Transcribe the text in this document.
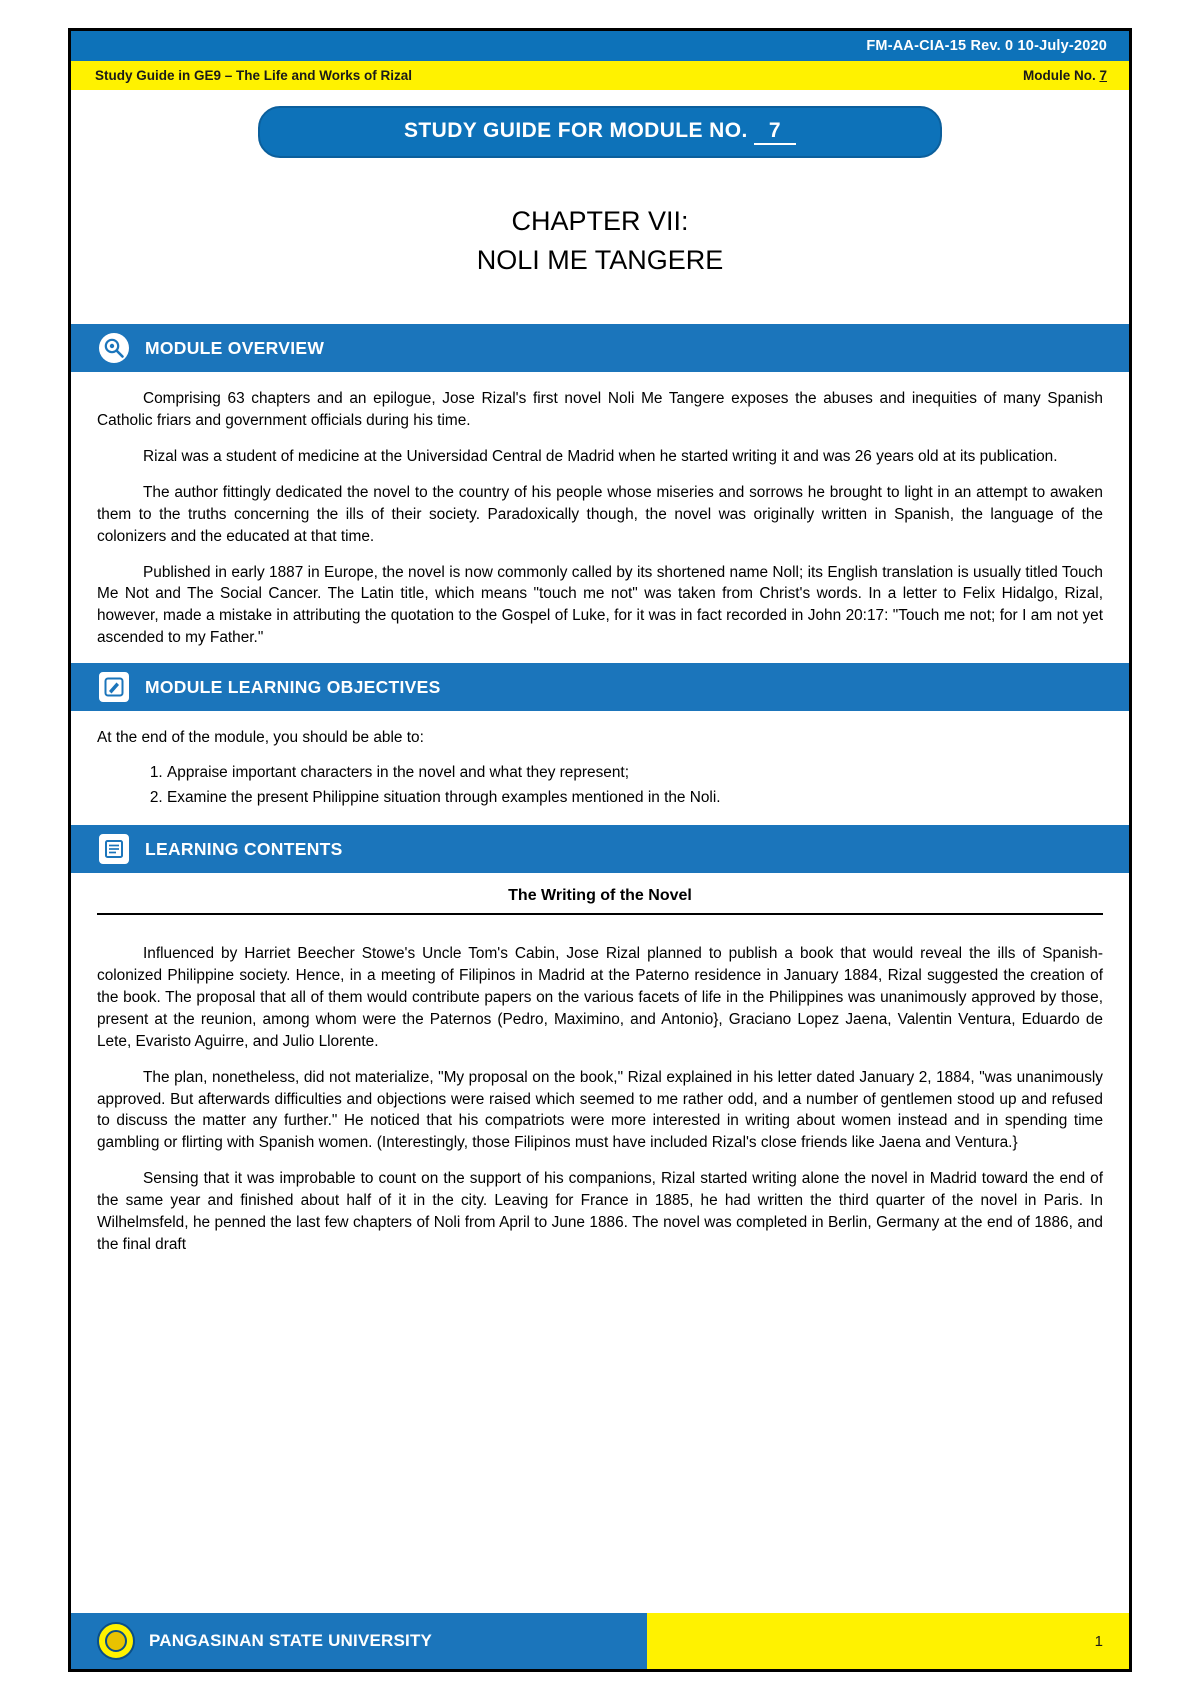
FM-AA-CIA-15 Rev. 0 10-July-2020
Study Guide in GE9 – The Life and Works of Rizal	Module No. 7
STUDY GUIDE FOR MODULE NO. 7
CHAPTER VII:
NOLI ME TANGERE
MODULE OVERVIEW

Comprising 63 chapters and an epilogue, Jose Rizal's first novel Noli Me Tangere exposes the abuses and inequities of many Spanish Catholic friars and government officials during his time.

Rizal was a student of medicine at the Universidad Central de Madrid when he started writing it and was 26 years old at its publication.

The author fittingly dedicated the novel to the country of his people whose miseries and sorrows he brought to light in an attempt to awaken them to the truths concerning the ills of their society. Paradoxically though, the novel was originally written in Spanish, the language of the colonizers and the educated at that time.

Published in early 1887 in Europe, the novel is now commonly called by its shortened name Noll; its English translation is usually titled Touch Me Not and The Social Cancer. The Latin title, which means "touch me not" was taken from Christ's words. In a letter to Felix Hidalgo, Rizal, however, made a mistake in attributing the quotation to the Gospel of Luke, for it was in fact recorded in John 20:17: "Touch me not; for I am not yet ascended to my Father."

MODULE LEARNING OBJECTIVES
At the end of the module, you should be able to:
1. Appraise important characters in the novel and what they represent;
2. Examine the present Philippine situation through examples mentioned in the Noli.
LEARNING CONTENTS
The Writing of the Novel

Influenced by Harriet Beecher Stowe's Uncle Tom's Cabin, Jose Rizal planned to publish a book that would reveal the ills of Spanish-colonized Philippine society. Hence, in a meeting of Filipinos in Madrid at the Paterno residence in January 1884, Rizal suggested the creation of the book. The proposal that all of them would contribute papers on the various facets of life in the Philippines was unanimously approved by those, present at the reunion, among whom were the Paternos (Pedro, Maximino, and Antonio}, Graciano Lopez Jaena, Valentin Ventura, Eduardo de Lete, Evaristo Aguirre, and Julio Llorente.

The plan, nonetheless, did not materialize, "My proposal on the book," Rizal explained in his letter dated January 2, 1884, "was unanimously approved. But afterwards difficulties and objections were raised which seemed to me rather odd, and a number of gentlemen stood up and refused to discuss the matter any further." He noticed that his compatriots were more interested in writing about women instead and in spending time gambling or flirting with Spanish women. (Interestingly, those Filipinos must have included Rizal's close friends like Jaena and Ventura.}

Sensing that it was improbable to count on the support of his companions, Rizal started writing alone the novel in Madrid toward the end of the same year and finished about half of it in the city. Leaving for France in 1885, he had written the third quarter of the novel in Paris. In Wilhelmsfeld, he penned the last few chapters of Noli from April to June 1886. The novel was completed in Berlin, Germany at the end of 1886, and the final draft

PANGASINAN STATE UNIVERSITY	1
